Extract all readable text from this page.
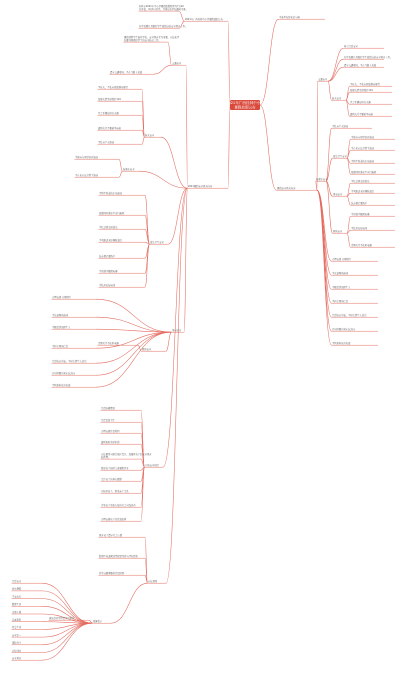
2021年广西桂林中小学暑假放假公告
2021年广西桂林中小学暑假放假公告
桂林市2021年中小学暑假放假时间为7月10 日开始，9月1日开学，具体以各学校通知为准。
各学校要认真做好学生放假前的安全教育工作。
2021暑假安全教育内容
交通安全
暑假期间学生离开学校，安全教育尤为重要，家长和学校要共同做好学生的安全防范工作。
遵守交通规则，不在马路上玩耍
防火安全
不玩火，不私自燃放烟花爆竹
发现火情及时拨打119
学会正确使用灭火器
遇到火灾不要乘坐电梯
不私自下水游泳
防溺水安全
不擅自与同学结伴游泳
不在无家长带领下游泳
食品卫生安全
不到不熟悉的水域游泳
发现同伴溺水不盲目施救
不吃过期变质食品
不买路边无证摊贩食品
饭前便后要洗手
不用湿手触摸电器
不私拉乱接电线
用电安全
网络安全
雷雨天气不使用电器
合理安排上网时间
不沉迷网络游戏
不随意添加陌生人
不轻信网络信息
注意防范诈骗，不轻信陌生人的话
外出时要告知家长去向
不到危险地方玩耍
其他安全知识
注意防暑降温
注意饮食卫生
合理安排作息时间
遇到危险及时求助
家长要切实履行监护责任，加强对孩子的安全教育和管理。
督促孩子按时完成暑假作业
关注孩子的身心健康
多陪伴孩子，增进亲子关系
引导孩子参加有益的社会实践活动
合理安排孩子的饮食起居
家长须知
教育孩子遵守社会公德
假期中如遇紧急情况请及时与学校联系
开学前要调整好作息时间
温馨提示
准备好开学所需学习用品
注意安全
快乐暑假
平安出行
健康生活
文明上网
远离危险
珍爱生命
安全第一
预防为主
家校共育
安全教育
暑假安全教育内容
不乘坐无牌无证车辆
交通安全
骑车注意安全
各学校要认真做好学生放假前的安全教育工作。
遵守交通规则，不在马路上玩耍
防火安全
不玩火，不私自燃放烟花爆竹
发现火情及时拨打119
学会正确使用灭火器
遇到火灾不要乘坐电梯
防溺水安全
不私自下水游泳
食品卫生安全
不擅自与同学结伴游泳
不在无家长带领下游泳
不到不熟悉的水域游泳
发现同伴溺水不盲目施救
用电安全
不吃过期变质食品
不买路边无证摊贩食品
饭前便后要洗手
网络安全
不用湿手触摸电器
不私拉乱接电线
雷雨天气不使用电器
合理安排上网时间
不沉迷网络游戏
不随意添加陌生人
不轻信网络信息
注意防范诈骗，不轻信陌生人的话
外出时要告知家长去向
不到危险地方玩耍
